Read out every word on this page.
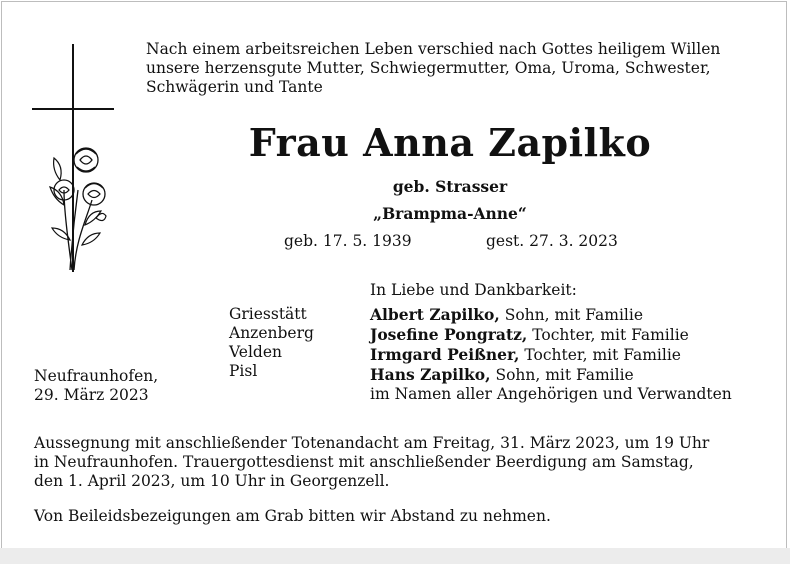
Nach einem arbeitsreichen Leben verschied nach Gottes heiligem Willen
unsere herzensgute Mutter, Schwiegermutter, Oma, Uroma, Schwester,
Schwägerin und Tante
Frau Anna Zapilko
geb. Strasser
„Brampma-Anne“
geb. 17. 5. 1939	gest. 27. 3. 2023
In Liebe und Dankbarkeit:
Griesstätt
Anzenberg
Velden
Pisl
Albert Zapilko, Sohn, mit Familie
Josefine Pongratz, Tochter, mit Familie
Irmgard Peißner, Tochter, mit Familie
Hans Zapilko, Sohn, mit Familie
im Namen aller Angehörigen und Verwandten
Neufraunhofen,
29. März 2023
Aussegnung mit anschließender Totenandacht am Freitag, 31. März 2023, um 19 Uhr
in Neufraunhofen. Trauergottesdienst mit anschließender Beerdigung am Samstag,
den 1. April 2023, um 10 Uhr in Georgenzell.
Von Beileidsbezeigungen am Grab bitten wir Abstand zu nehmen.
